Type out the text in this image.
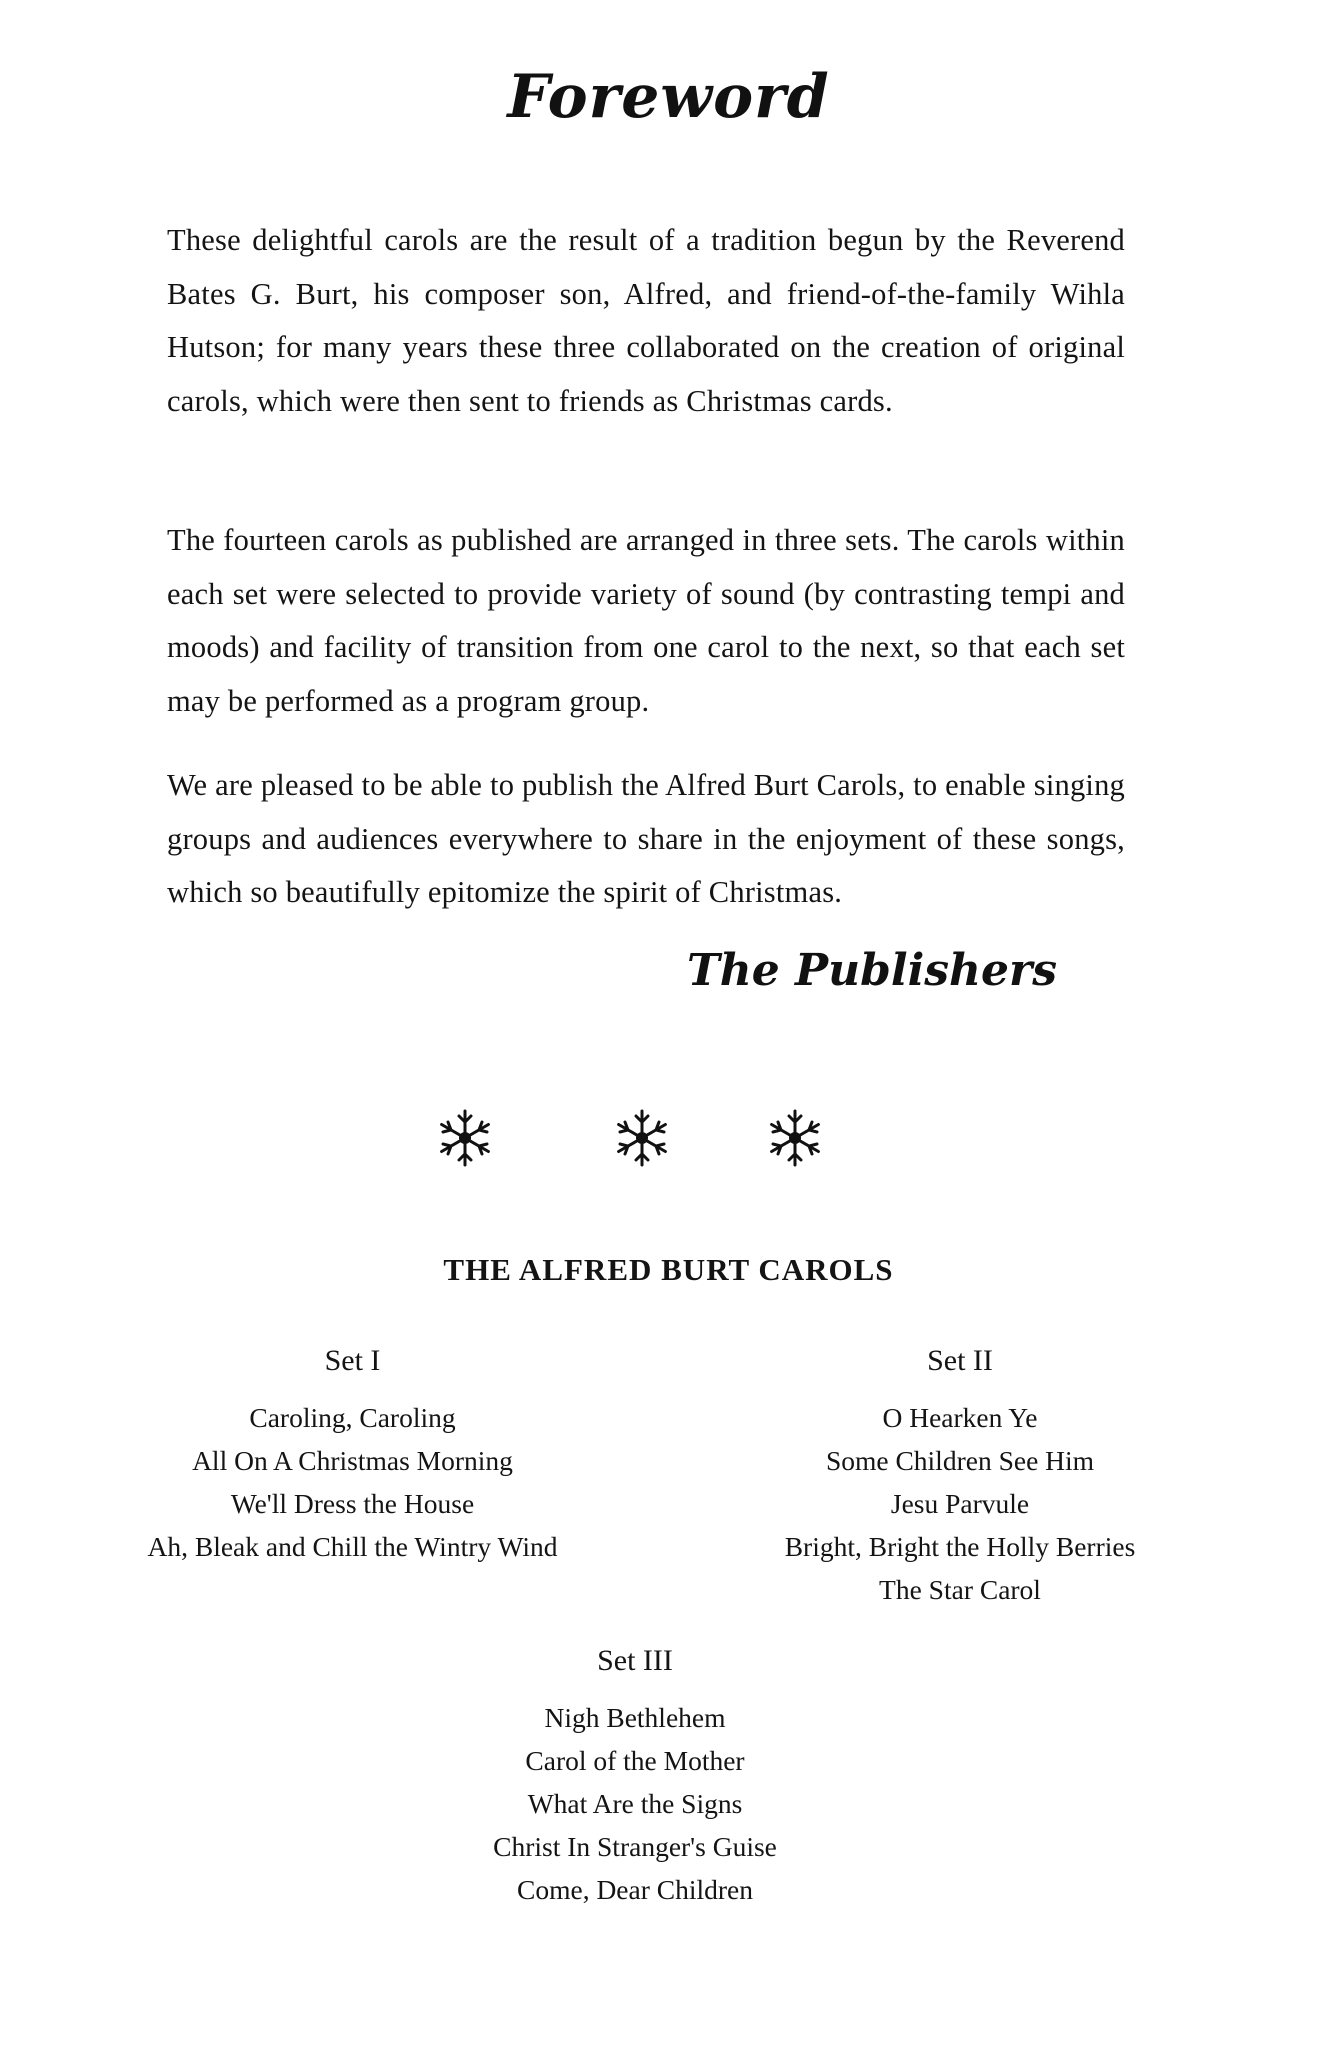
Foreword

These delightful carols are the result of a tradition begun by the Reverend Bates G. Burt, his composer son, Alfred, and friend-of-the-family Wihla Hutson; for many years these three collaborated on the creation of original carols, which were then sent to friends as Christmas cards.

The fourteen carols as published are arranged in three sets. The carols within each set were selected to provide variety of sound (by contrasting tempi and moods) and facility of transition from one carol to the next, so that each set may be performed as a program group.

We are pleased to be able to publish the Alfred Burt Carols, to enable singing groups and audiences everywhere to share in the enjoyment of these songs, which so beautifully epitomize the spirit of Christmas.

The Publishers

THE ALFRED BURT CAROLS

Set I

Caroling, Caroling
All On A Christmas Morning
We'll Dress the House
Ah, Bleak and Chill the Wintry Wind

Set II

O Hearken Ye
Some Children See Him
Jesu Parvule
Bright, Bright the Holly Berries
The Star Carol

Set III

Nigh Bethlehem
Carol of the Mother
What Are the Signs
Christ In Stranger's Guise
Come, Dear Children
